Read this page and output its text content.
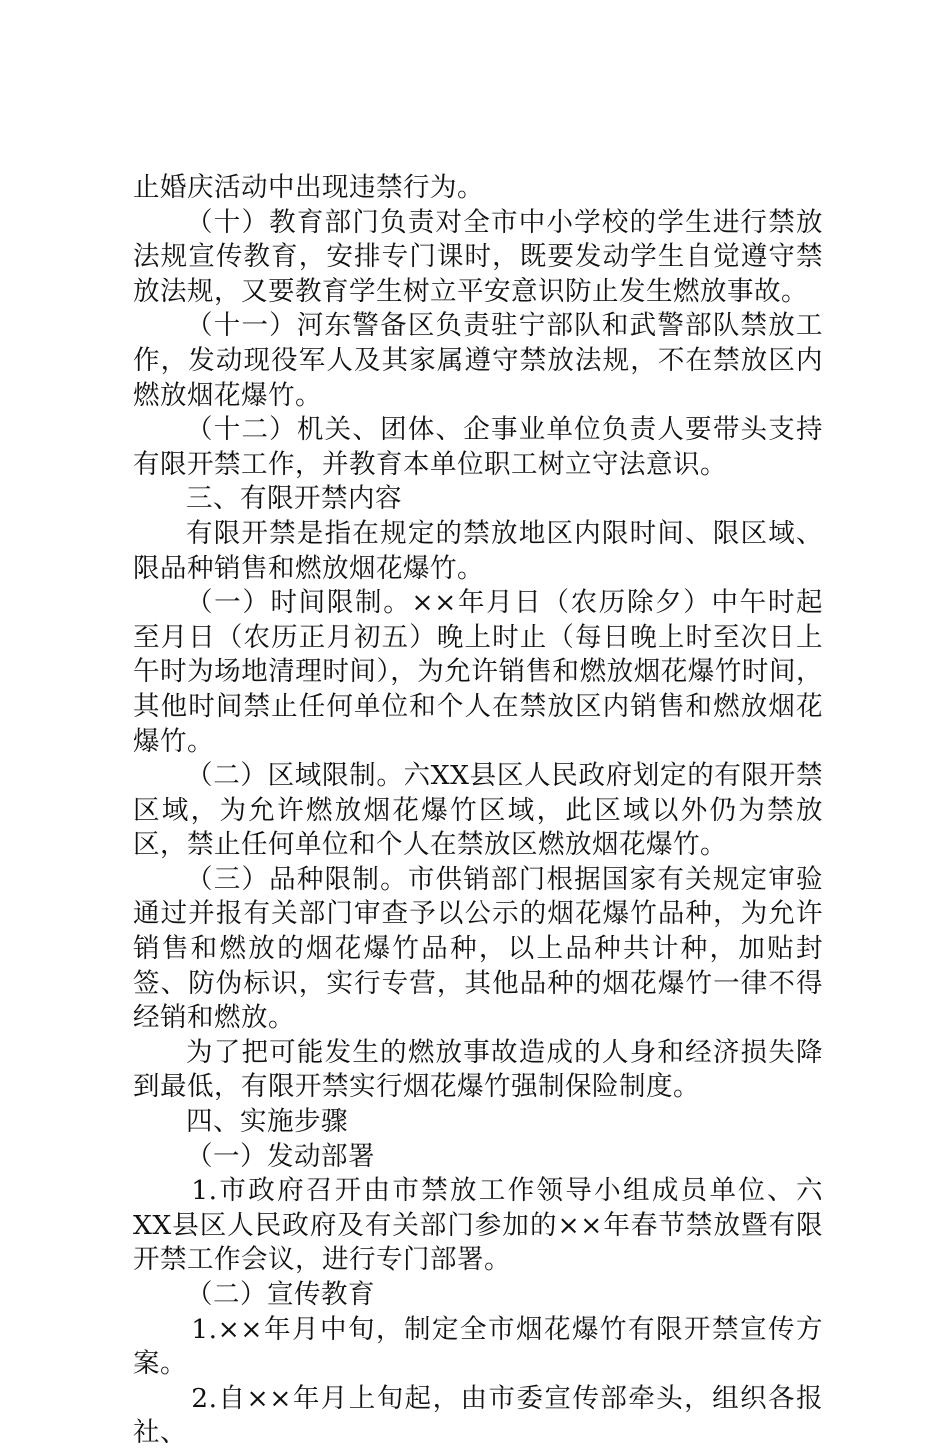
止婚庆活动中出现违禁行为。

（十）教育部门负责对全市中小学校的学生进行禁放法规宣传教育，安排专门课时，既要发动学生自觉遵守禁放法规，又要教育学生树立平安意识防止发生燃放事故。

（十一）河东警备区负责驻宁部队和武警部队禁放工作，发动现役军人及其家属遵守禁放法规，不在禁放区内燃放烟花爆竹。

（十二）机关、团体、企事业单位负责人要带头支持有限开禁工作，并教育本单位职工树立守法意识。

三、有限开禁内容

有限开禁是指在规定的禁放地区内限时间、限区域、限品种销售和燃放烟花爆竹。

（一）时间限制。××年月日（农历除夕）中午时起至月日（农历正月初五）晚上时止（每日晚上时至次日上午时为场地清理时间），为允许销售和燃放烟花爆竹时间，其他时间禁止任何单位和个人在禁放区内销售和燃放烟花爆竹。

（二）区域限制。六XX县区人民政府划定的有限开禁区域，为允许燃放烟花爆竹区域，此区域以外仍为禁放区，禁止任何单位和个人在禁放区燃放烟花爆竹。

（三）品种限制。市供销部门根据国家有关规定审验通过并报有关部门审查予以公示的烟花爆竹品种，为允许销售和燃放的烟花爆竹品种，以上品种共计种，加贴封签、防伪标识，实行专营，其他品种的烟花爆竹一律不得经销和燃放。

为了把可能发生的燃放事故造成的人身和经济损失降到最低，有限开禁实行烟花爆竹强制保险制度。

四、实施步骤

（一）发动部署

1.市政府召开由市禁放工作领导小组成员单位、六XX县区人民政府及有关部门参加的××年春节禁放暨有限开禁工作会议，进行专门部署。

（二）宣传教育

1.××年月中旬，制定全市烟花爆竹有限开禁宣传方案。

2.自××年月上旬起，由市委宣传部牵头，组织各报社、
